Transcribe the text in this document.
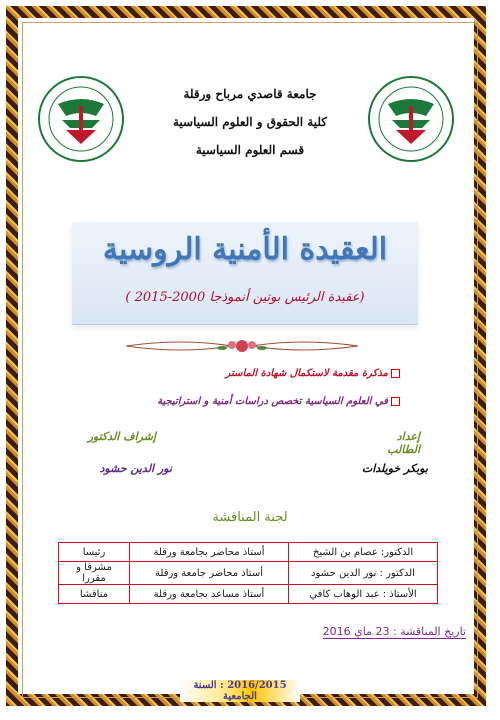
جامعة قاصدي مرباح ورقلة
كلية الحقوق و العلوم السياسية
قسم العلوم السياسية
العقيدة الأمنية الروسية
(عقيدة الرئيس بوتين أنموذجا 2000-2015 )
مذكرة مقدمة لاستكمال شهادة الماستر
في العلوم السياسية تخصص دراسات أمنية و استراتيجية
إعداد الطالب
إشراف الدكتور
بوبكر خويلدات
نور الدين حشود
لجنة المناقشة
الدكتور: عصام بن الشيخ	أستاذ محاضر بجامعة ورقلة	رئيسا
الدكتور : نور الدين حشود	أستاذ محاضر جامعة ورقلة	مشرفا و مقررا
الأستاذ : عبد الوهاب كافي	أستاذ مساعد بجامعة ورقلة	مناقشا
تاريخ المناقشة : 23 ماي 2016
2016/2015 : السنة الجامعية
